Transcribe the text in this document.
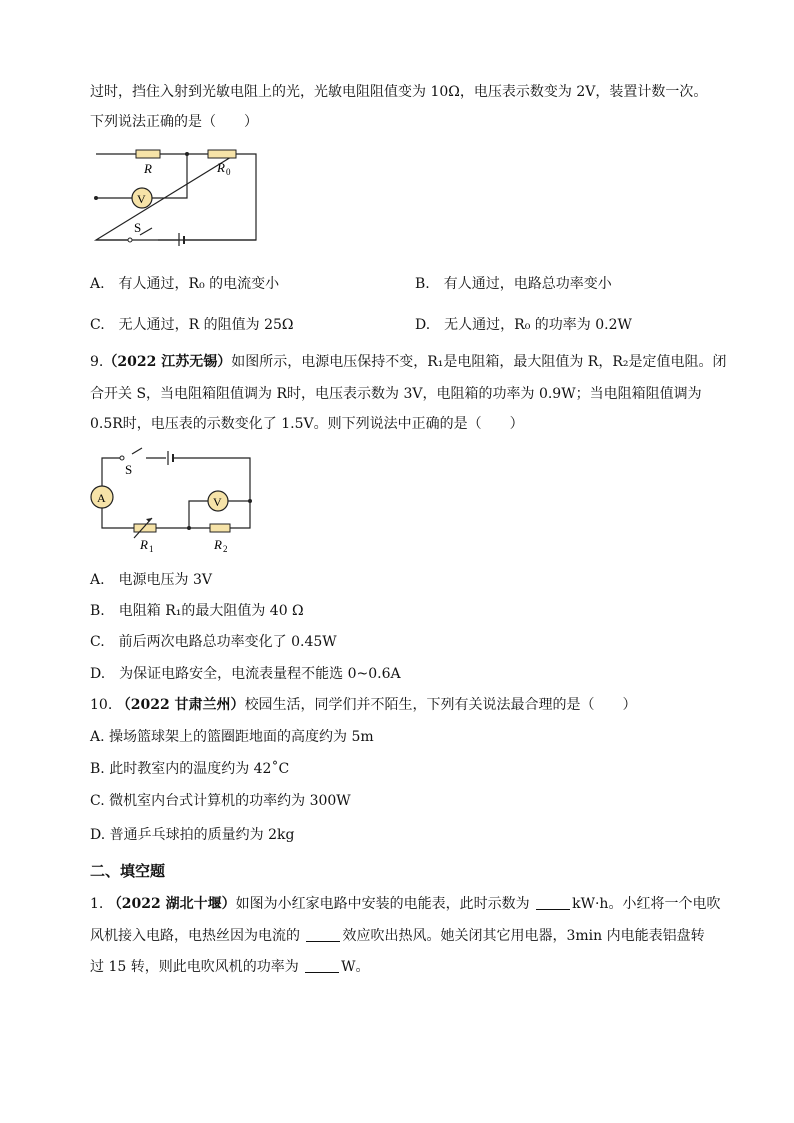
过时，挡住入射到光敏电阻上的光，光敏电阻阻值变为 10Ω，电压表示数变为 2V，装置计数一次。
下列说法正确的是（　　）
R	R 0
V
S
A.　有人通过，R₀ 的电流变小	B.　有人通过，电路总功率变小
C.　无人通过，R 的阻值为 25Ω	D.　无人通过，R₀ 的功率为 0.2W
9.（2022 江苏无锡）如图所示，电源电压保持不变，R₁是电阻箱，最大阻值为 R，R₂是定值电阻。闭
合开关 S，当电阻箱阻值调为 R时，电压表示数为 3V，电阻箱的功率为 0.9W；当电阻箱阻值调为
0.5R时，电压表的示数变化了 1.5V。则下列说法中正确的是（　　）
A	V
S
R 1	R 2
A.　电源电压为 3V
B.　电阻箱 R₁的最大阻值为 40 Ω
C.　前后两次电路总功率变化了 0.45W
D.　为保证电路安全，电流表量程不能选 0~0.6A
10. （2022 甘肃兰州）校园生活，同学们并不陌生，下列有关说法最合理的是（　　）
A. 操场篮球架上的篮圈距地面的高度约为 5m
B. 此时教室内的温度约为 42˚C
C. 微机室内台式计算机的功率约为 300W
D. 普通乒乓球拍的质量约为 2kg
二、填空题
1. （2022 湖北十堰）如图为小红家电路中安装的电能表，此时示数为	kW·h。小红将一个电吹
风机接入电路，电热丝因为电流的	效应吹出热风。她关闭其它用电器，3min 内电能表铝盘转
过 15 转，则此电吹风机的功率为	W。
